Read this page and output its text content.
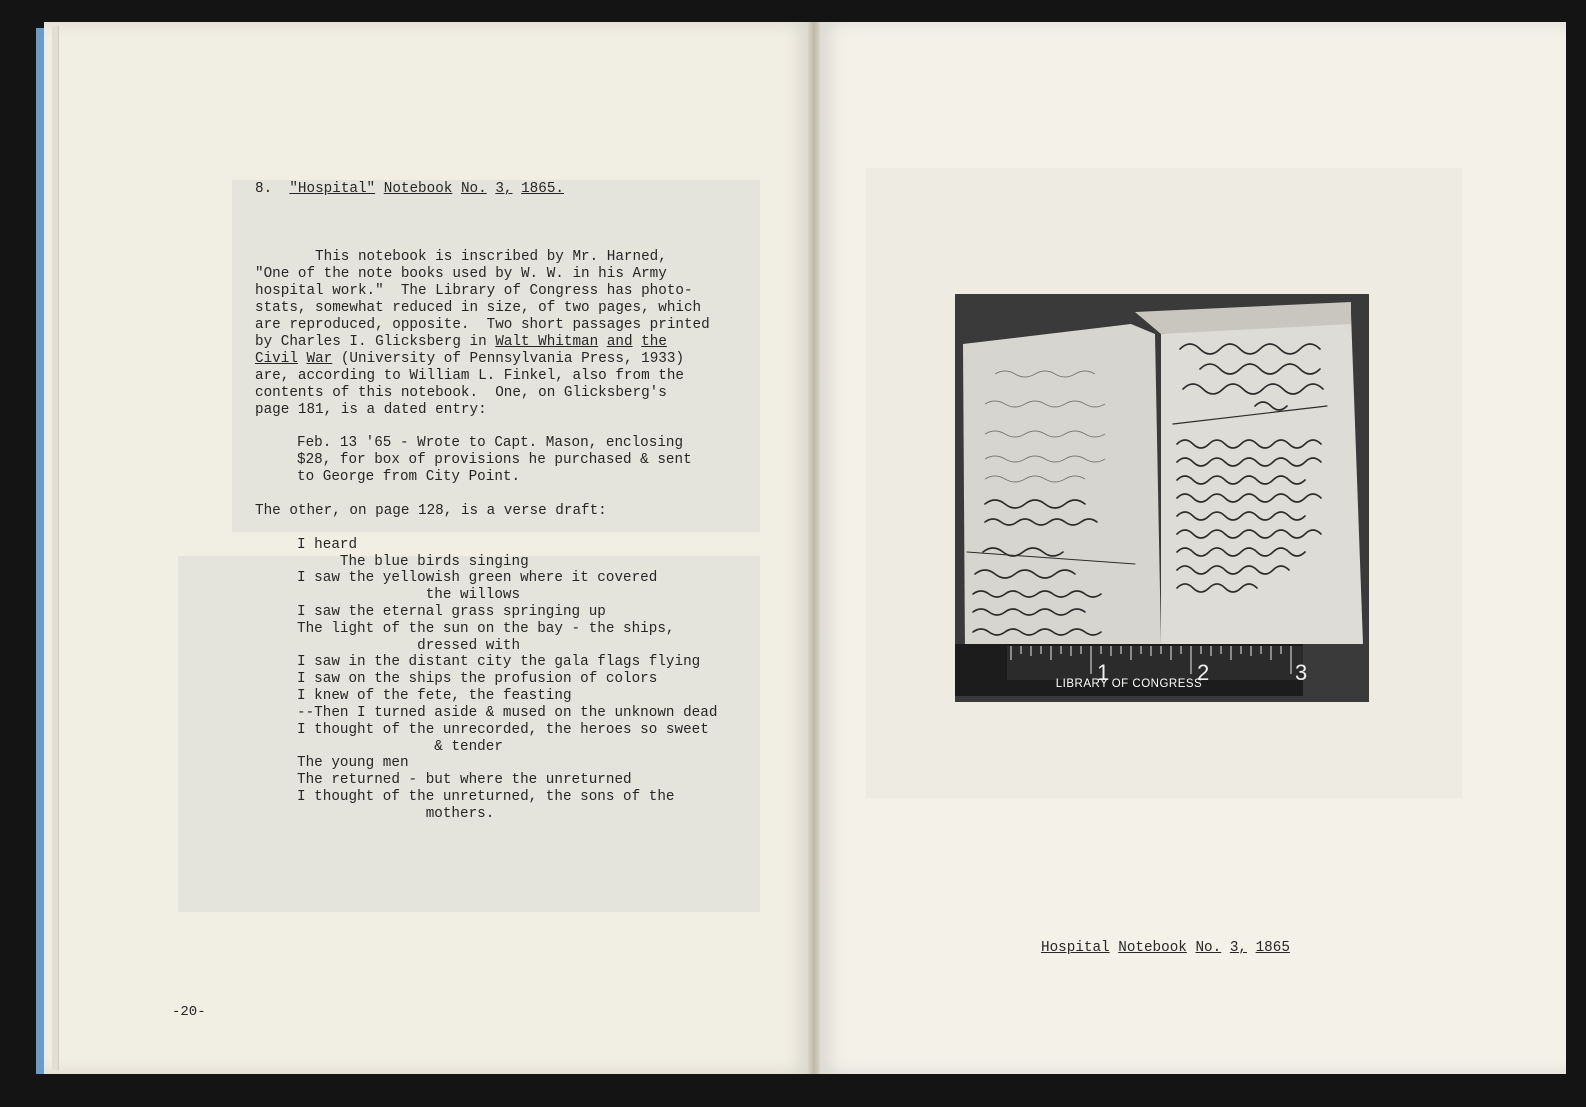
8. "Hospital" Notebook No. 3, 1865.
This notebook is inscribed by Mr. Harned,
"One of the note books used by W. W. in his Army
hospital work."  The Library of Congress has photo-
stats, somewhat reduced in size, of two pages, which
are reproduced, opposite.  Two short passages printed
by Charles I. Glicksberg in Walt Whitman and the
Civil War (University of Pennsylvania Press, 1933)
are, according to William L. Finkel, also from the
contents of this notebook.  One, on Glicksberg's
page 181, is a dated entry:
Feb. 13 '65 - Wrote to Capt. Mason, enclosing
$28, for box of provisions he purchased & sent
to George from City Point.
The other, on page 128, is a verse draft:
I heard
The blue birds singing
I saw the yellowish green where it covered
the willows
I saw the eternal grass springing up
The light of the sun on the bay - the ships,
dressed with
I saw in the distant city the gala flags flying
I saw on the ships the profusion of colors
I knew of the fete, the feasting
--Then I turned aside & mused on the unknown dead
I thought of the unrecorded, the heroes so sweet
& tender
The young men
The returned - but where the unreturned
I thought of the unreturned, the sons of the
mothers.
-20-
1	2	3
LIBRARY OF CONGRESS
Hospital Notebook No. 3, 1865
